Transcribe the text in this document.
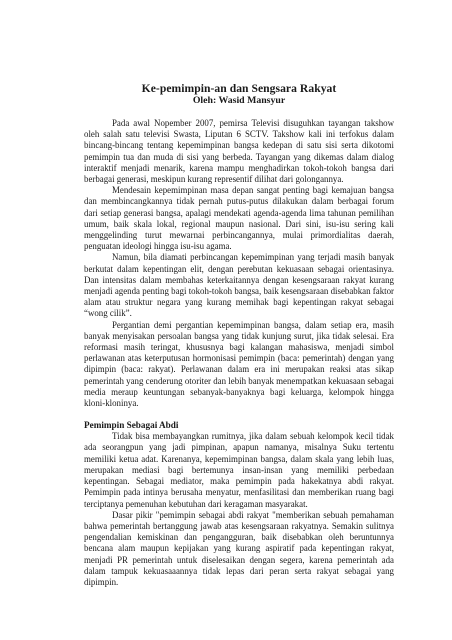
Ke-pemimpin-an dan Sengsara Rakyat
Oleh: Wasid Mansyur

Pada awal Nopember 2007, pemirsa Televisi disuguhkan tayangan takshow oleh salah satu televisi Swasta, Liputan 6 SCTV. Takshow kali ini terfokus dalam bincang-bincang tentang kepemimpinan bangsa kedepan di satu sisi serta dikotomi pemimpin tua dan muda di sisi yang berbeda. Tayangan yang dikemas dalam dialog interaktif menjadi menarik, karena mampu menghadirkan tokoh-tokoh bangsa dari berbagai generasi, meskipun kurang representif dilihat dari golongannya.

Mendesain kepemimpinan masa depan sangat penting bagi kemajuan bangsa dan membincangkannya tidak pernah putus-putus dilakukan dalam berbagai forum dari setiap generasi bangsa, apalagi mendekati agenda-agenda lima tahunan pemilihan umum, baik skala lokal, regional maupun nasional. Dari sini, isu-isu sering kali menggelinding turut mewarnai perbincangannya, mulai primordialitas daerah, penguatan ideologi hingga isu-isu agama.

Namun, bila diamati perbincangan kepemimpinan yang terjadi masih banyak berkutat dalam kepentingan elit, dengan perebutan kekuasaan sebagai orientasinya. Dan intensitas dalam membahas keterkaitannya dengan kesengsaraan rakyat kurang menjadi agenda penting bagi tokoh-tokoh bangsa, baik kesengsaraan disebabkan faktor alam atau struktur negara yang kurang memihak bagi kepentingan rakyat sebagai “wong cilik”.

Pergantian demi pergantian kepemimpinan bangsa, dalam setiap era, masih banyak menyisakan persoalan bangsa yang tidak kunjung surut, jika tidak selesai. Era reformasi masih teringat, khususnya bagi kalangan mahasiswa, menjadi simbol perlawanan atas keterputusan hormonisasi pemimpin (baca: pemerintah) dengan yang dipimpin (baca: rakyat). Perlawanan dalam era ini merupakan reaksi atas sikap pemerintah yang cenderung otoriter dan lebih banyak menempatkan kekuasaan sebagai media meraup keuntungan sebanyak-banyaknya bagi keluarga, kelompok hingga kloni-kloninya.

Pemimpin Sebagai Abdi

Tidak bisa membayangkan rumitnya, jika dalam sebuah kelompok kecil tidak ada seorangpun yang jadi pimpinan, apapun namanya, misalnya Suku tertentu memiliki ketua adat. Karenanya, kepemimpinan bangsa, dalam skala yang lebih luas, merupakan mediasi bagi bertemunya insan-insan yang memiliki perbedaan kepentingan. Sebagai mediator, maka pemimpin pada hakekatnya abdi rakyat. Pemimpin pada intinya berusaha menyatur, menfasilitasi dan memberikan ruang bagi terciptanya pemenuhan kebutuhan dari keragaman masyarakat.

Dasar pikir "pemimpin sebagai abdi rakyat "memberikan sebuah pemahaman bahwa pemerintah bertanggung jawab atas kesengsaraan rakyatnya. Semakin sulitnya pengendalian kemiskinan dan pengangguran, baik disebabkan oleh beruntunnya bencana alam maupun kepijakan yang kurang aspiratif pada kepentingan rakyat, menjadi PR pemerintah untuk diselesaikan dengan segera, karena pemerintah ada dalam tampuk kekuasaaannya tidak lepas dari peran serta rakyat sebagai yang dipimpin.
